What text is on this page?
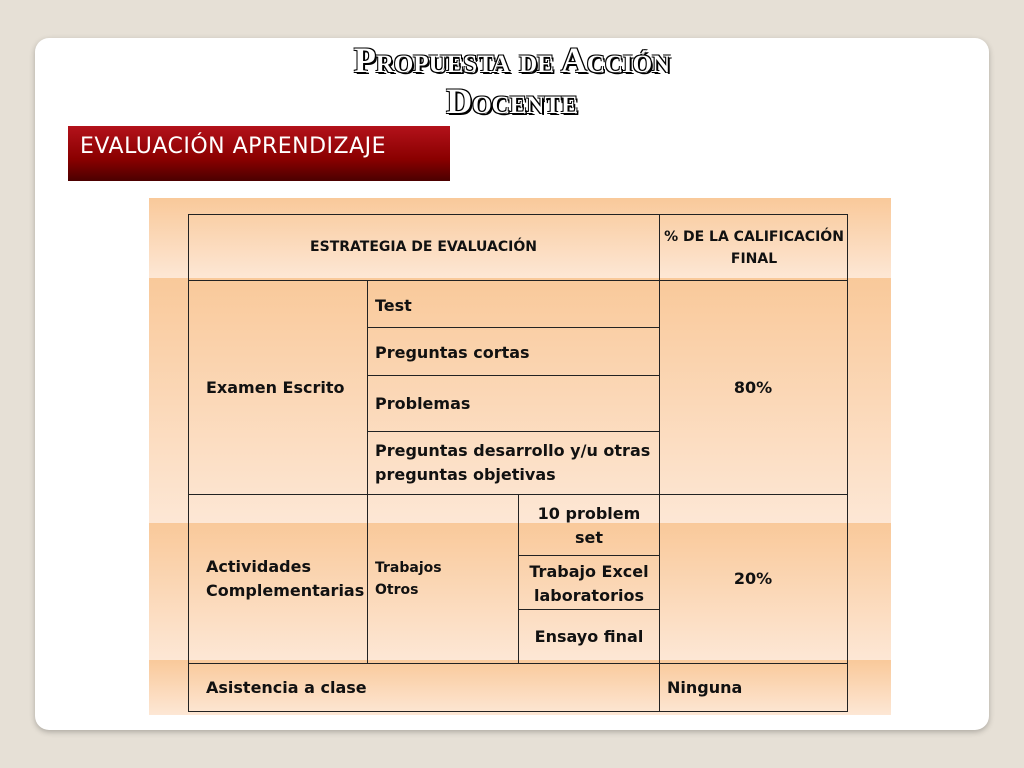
Propuesta de Acción
Docente
EVALUACIÓN APRENDIZAJE
ESTRATEGIA DE EVALUACIÓN
% DE LA CALIFICACIÓN FINAL
Examen Escrito
Test
Preguntas cortas
Problemas
Preguntas desarrollo y/u otras preguntas objetivas
80%
Actividades Complementarias
Trabajos
Otros
10 problem set
Trabajo Excel laboratorios
Ensayo final
20%
Asistencia a clase	Ninguna
